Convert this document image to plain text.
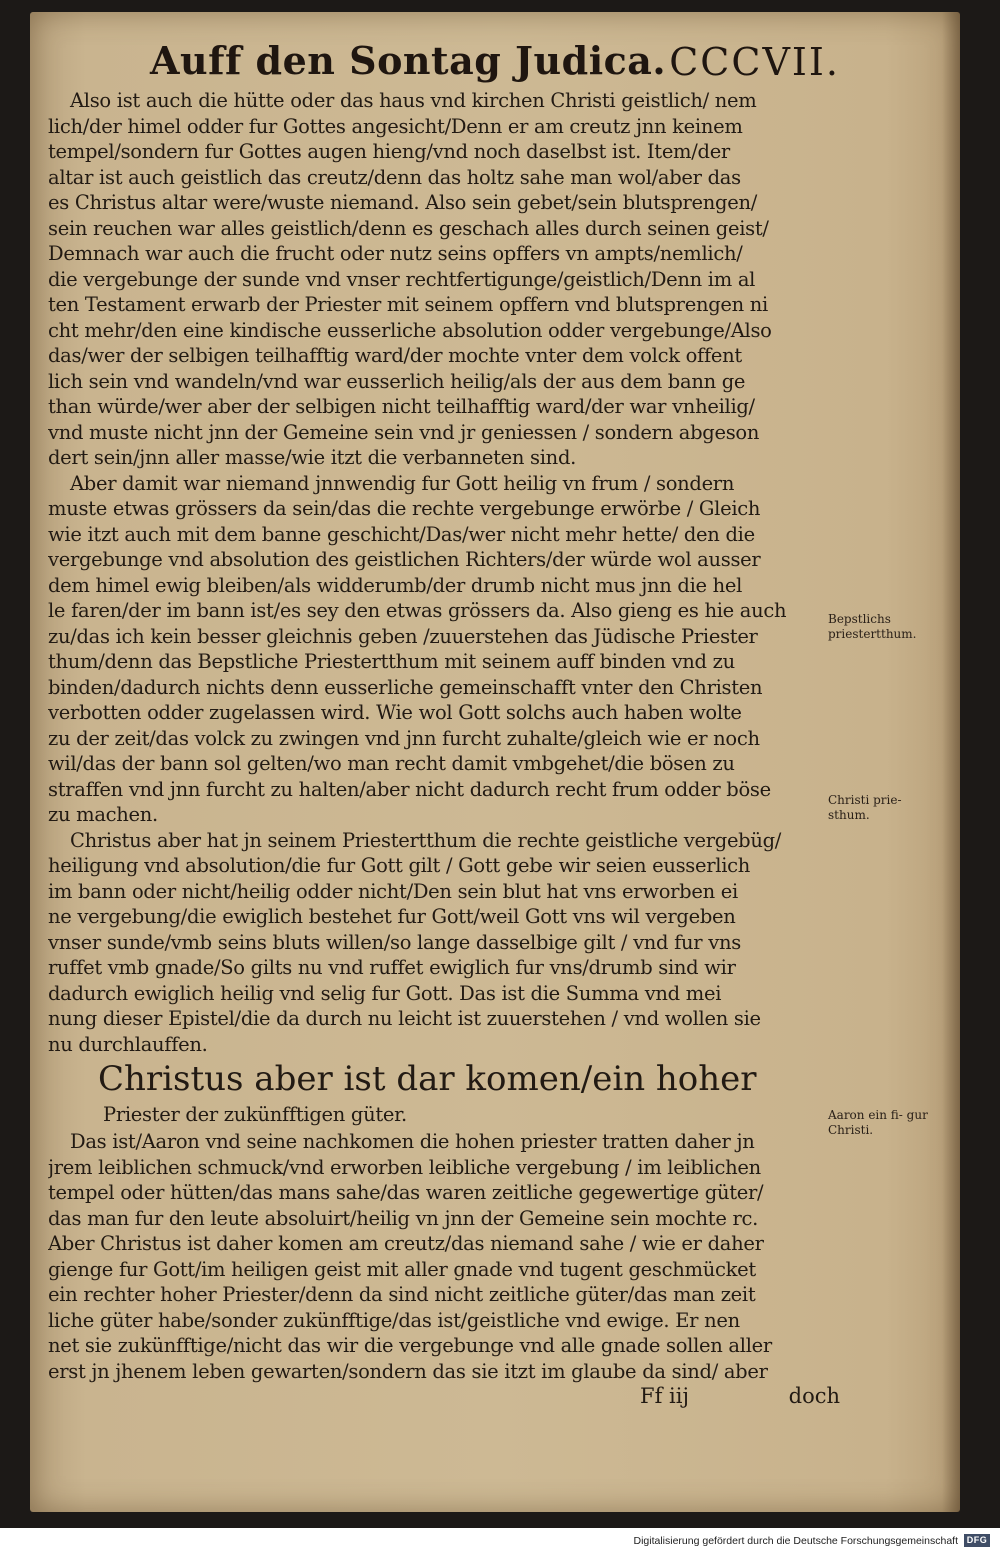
Auff den Sontag Judica. CCCVII.
Also ist auch die hütte oder das haus vnd kirchen Christi geistlich/ nem
lich/der himel odder fur Gottes angesicht/Denn er am creutz jnn keinem
tempel/sondern fur Gottes augen hieng/vnd noch daselbst ist. Item/der
altar ist auch geistlich das creutz/denn das holtz sahe man wol/aber das
es Christus altar were/wuste niemand. Also sein gebet/sein blutsprengen/
sein reuchen war alles geistlich/denn es geschach alles durch seinen geist/
Demnach war auch die frucht oder nutz seins opffers vn ampts/nemlich/
die vergebunge der sunde vnd vnser rechtfertigunge/geistlich/Denn im al
ten Testament erwarb der Priester mit seinem opffern vnd blutsprengen ni
cht mehr/den eine kindische eusserliche absolution odder vergebunge/Also
das/wer der selbigen teilhafftig ward/der mochte vnter dem volck offent
lich sein vnd wandeln/vnd war eusserlich heilig/als der aus dem bann ge
than würde/wer aber der selbigen nicht teilhafftig ward/der war vnheilig/
vnd muste nicht jnn der Gemeine sein vnd jr geniessen / sondern abgeson
dert sein/jnn aller masse/wie itzt die verbanneten sind.
Aber damit war niemand jnnwendig fur Gott heilig vn frum / sondern
muste etwas grössers da sein/das die rechte vergebunge erwörbe / Gleich
wie itzt auch mit dem banne geschicht/Das/wer nicht mehr hette/ den die
vergebunge vnd absolution des geistlichen Richters/der würde wol ausser
dem himel ewig bleiben/als widderumb/der drumb nicht mus jnn die hel
le faren/der im bann ist/es sey den etwas grössers da. Also gieng es hie auch
zu/das ich kein besser gleichnis geben /zuuerstehen das Jüdische Priester
thum/denn das Bepstliche Priestertthum mit seinem auff binden vnd zu
binden/dadurch nichts denn eusserliche gemeinschafft vnter den Christen
verbotten odder zugelassen wird. Wie wol Gott solchs auch haben wolte
zu der zeit/das volck zu zwingen vnd jnn furcht zuhalte/gleich wie er noch
wil/das der bann sol gelten/wo man recht damit vmbgehet/die bösen zu
straffen vnd jnn furcht zu halten/aber nicht dadurch recht frum odder böse
zu machen.
Christus aber hat jn seinem Priestertthum die rechte geistliche vergebüg/
heiligung vnd absolution/die fur Gott gilt / Gott gebe wir seien eusserlich
im bann oder nicht/heilig odder nicht/Den sein blut hat vns erworben ei
ne vergebung/die ewiglich bestehet fur Gott/weil Gott vns wil vergeben
vnser sunde/vmb seins bluts willen/so lange dasselbige gilt / vnd fur vns
ruffet vmb gnade/So gilts nu vnd ruffet ewiglich fur vns/drumb sind wir
dadurch ewiglich heilig vnd selig fur Gott. Das ist die Summa vnd mei
nung dieser Epistel/die da durch nu leicht ist zuuerstehen / vnd wollen sie
nu durchlauffen.
Christus aber ist dar komen/ein hoher
Priester der zukünfftigen güter.
Das ist/Aaron vnd seine nachkomen die hohen priester tratten daher jn
jrem leiblichen schmuck/vnd erworben leibliche vergebung / im leiblichen
tempel oder hütten/das mans sahe/das waren zeitliche gegewertige güter/
das man fur den leute absoluirt/heilig vn jnn der Gemeine sein mochte rc.
Aber Christus ist daher komen am creutz/das niemand sahe / wie er daher
gienge fur Gott/im heiligen geist mit aller gnade vnd tugent geschmücket
ein rechter hoher Priester/denn da sind nicht zeitliche güter/das man zeit
liche güter habe/sonder zukünfftige/das ist/geistliche vnd ewige. Er nen
net sie zukünfftige/nicht das wir die vergebunge vnd alle gnade sollen aller
erst jn jhenem leben gewarten/sondern das sie itzt im glaube da sind/ aber
Ff iij	doch
Bepstlichs priestertthum.
Christi prie- sthum.
Aaron ein fi- gur Christi.
Digitalisierung gefördert durch die Deutsche Forschungsgemeinschaft DFG
